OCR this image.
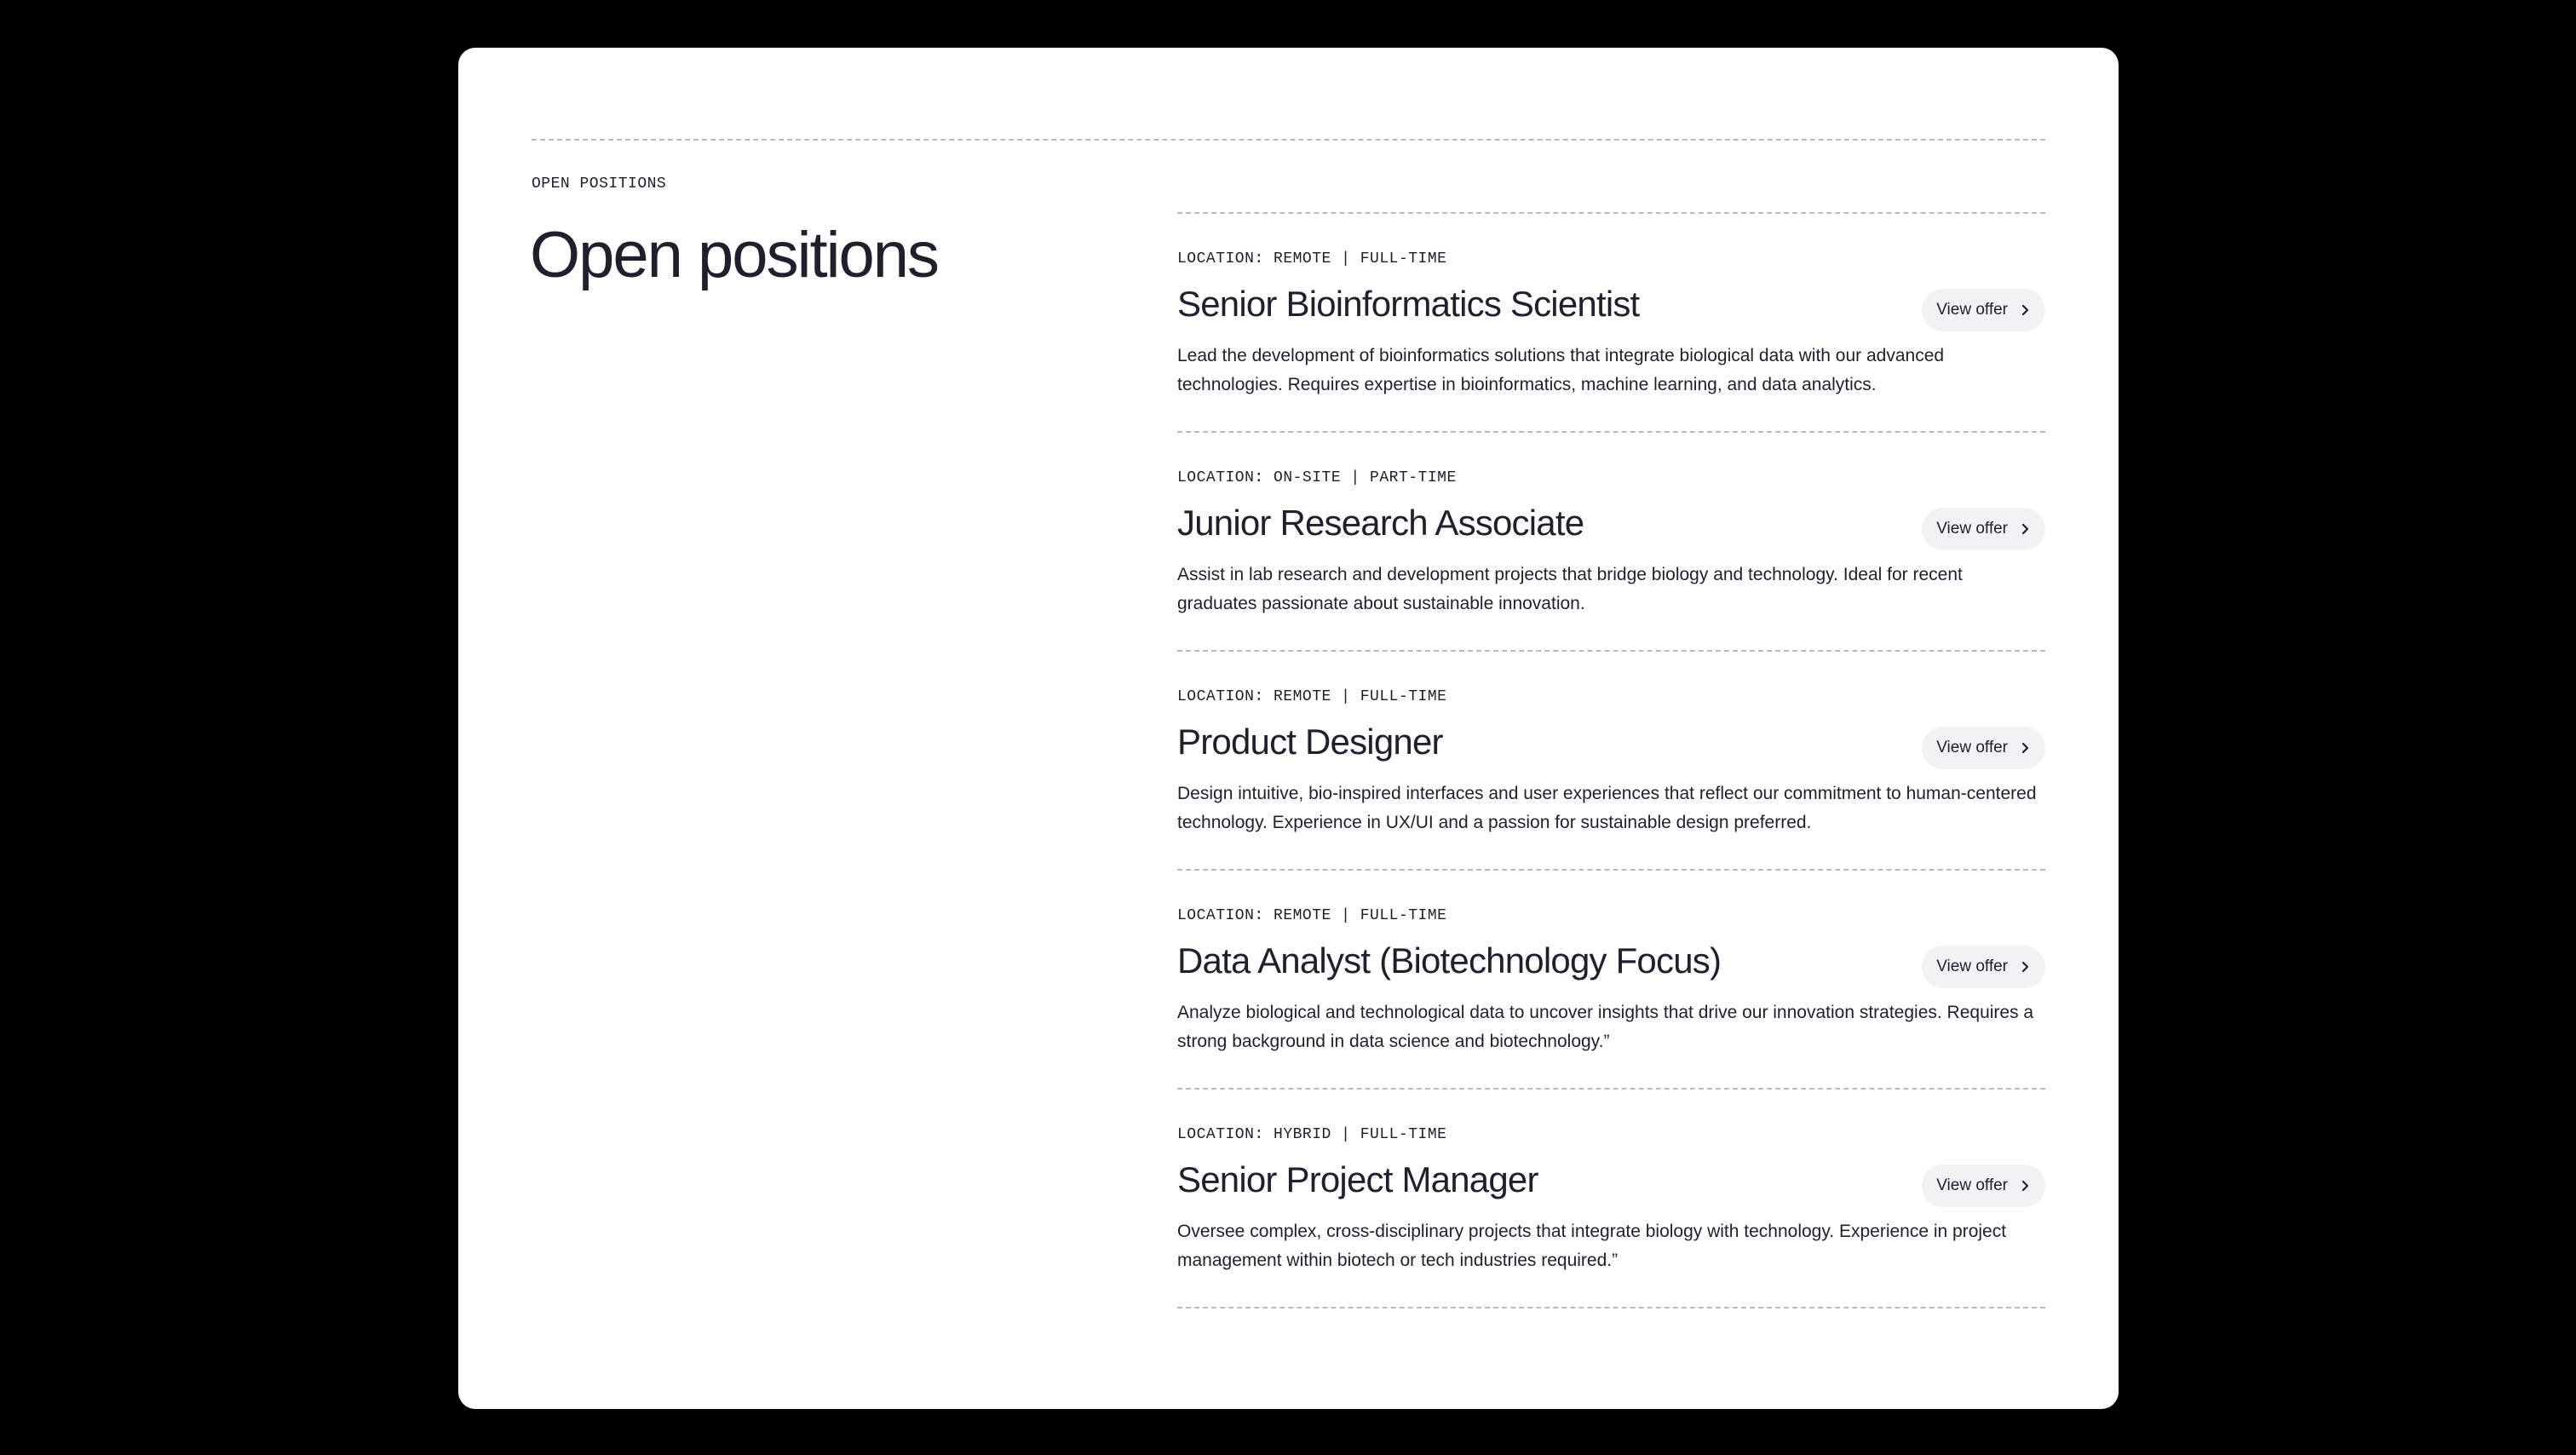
OPEN POSITIONS
Open positions	LOCATION: REMOTE | FULL-TIME
Senior Bioinformatics Scientist	View offer

Lead the development of bioinformatics solutions that integrate biological data with our advanced technologies. Requires expertise in bioinformatics, machine learning, and data analytics.

LOCATION: ON-SITE | PART-TIME
Junior Research Associate	View offer

Assist in lab research and development projects that bridge biology and technology. Ideal for recent graduates passionate about sustainable innovation.

LOCATION: REMOTE | FULL-TIME
Product Designer	View offer

Design intuitive, bio-inspired interfaces and user experiences that reflect our commitment to human-centered technology. Experience in UX/UI and a passion for sustainable design preferred.

LOCATION: REMOTE | FULL-TIME
Data Analyst (Biotechnology Focus)	View offer

Analyze biological and technological data to uncover insights that drive our innovation strategies. Requires a strong background in data science and biotechnology.”

LOCATION: HYBRID | FULL-TIME
Senior Project Manager	View offer

Oversee complex, cross-disciplinary projects that integrate biology with technology. Experience in project management within biotech or tech industries required.”
